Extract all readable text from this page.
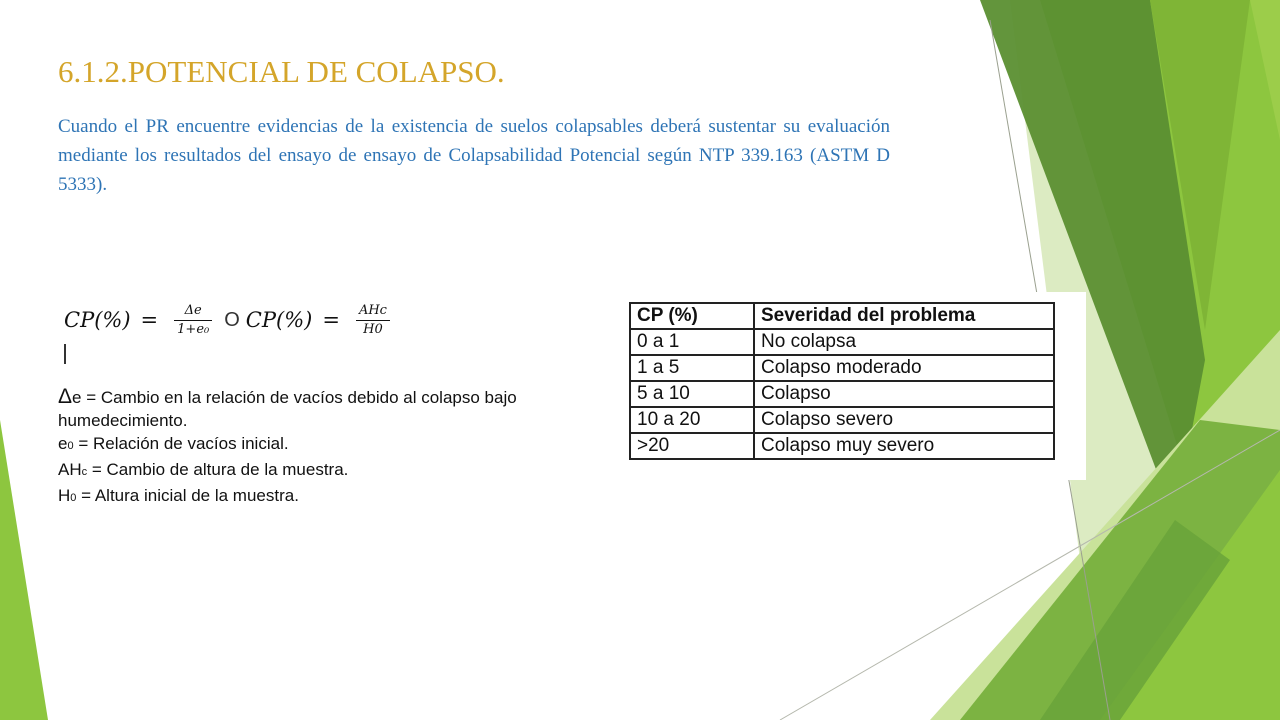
6.1.2.POTENCIAL DE COLAPSO.

Cuando el PR encuentre evidencias de la existencia de suelos colapsables deberá sustentar su evaluación mediante los resultados del ensayo de ensayo de Colapsabilidad Potencial según NTP 339.163 (ASTM D 5333).

$CP(\%) = \frac{\Delta e}{\text{1+e₀}}$ O $CP(\%) = \frac{\text{AHc}}{H0}$

Δe = Cambio en la relación de vacíos debido al colapso bajo humedecimiento.

e0 = Relación de vacíos inicial.

AHc = Cambio de altura de la muestra.

H0 = Altura inicial de la muestra.

CP (%)	Severidad del problema
0 a 1	No colapsa
1 a 5	Colapso moderado
5 a 10	Colapso
10 a 20	Colapso severo
>20	Colapso muy severo
